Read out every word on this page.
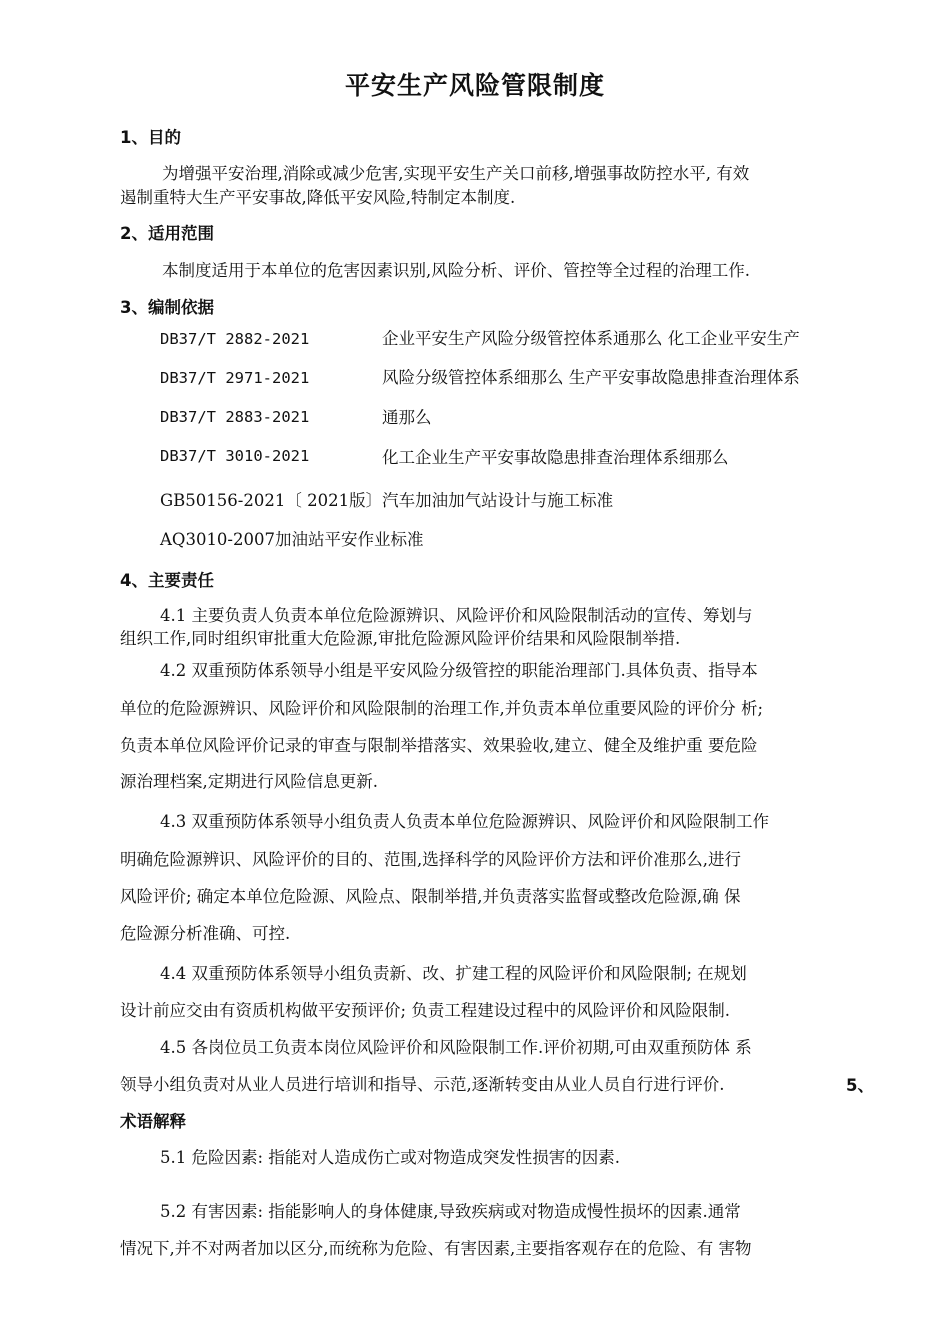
平安生产风险管限制度
1、目的
为增强平安治理,消除或减少危害,实现平安生产关口前移,增强事故防控水平, 有效
遏制重特大生产平安事故,降低平安风险,特制定本制度.
2、适用范围
本制度适用于本单位的危害因素识别,风险分析、评价、管控等全过程的治理工作.
3、编制依据
DB37/T 2882-2021	企业平安生产风险分级管控体系通那么 化工企业平安生产
DB37/T 2971-2021	风险分级管控体系细那么 生产平安事故隐患排查治理体系
DB37/T 2883-2021	通那么
DB37/T 3010-2021	化工企业生产平安事故隐患排查治理体系细那么
GB50156-2021〔 2021版〕汽车加油加气站设计与施工标准
AQ3010-2007加油站平安作业标准
4、主要责任
4.1 主要负责人负责本单位危险源辨识、风险评价和风险限制活动的宣传、筹划与
组织工作,同时组织审批重大危险源,审批危险源风险评价结果和风险限制举措.
4.2 双重预防体系领导小组是平安风险分级管控的职能治理部门.具体负责、指导本
单位的危险源辨识、风险评价和风险限制的治理工作,并负责本单位重要风险的评价分 析;
负责本单位风险评价记录的审查与限制举措落实、效果验收,建立、健全及维护重 要危险
源治理档案,定期进行风险信息更新.
4.3 双重预防体系领导小组负责人负责本单位危险源辨识、风险评价和风险限制工作
明确危险源辨识、风险评价的目的、范围,选择科学的风险评价方法和评价准那么,进行
风险评价; 确定本单位危险源、风险点、限制举措,并负责落实监督或整改危险源,确 保
危险源分析准确、可控.
4.4 双重预防体系领导小组负责新、改、扩建工程的风险评价和风险限制; 在规划
设计前应交由有资质机构做平安预评价; 负责工程建设过程中的风险评价和风险限制.
4.5 各岗位员工负责本岗位风险评价和风险限制工作.评价初期,可由双重预防体 系
领导小组负责对从业人员进行培训和指导、示范,逐渐转变由从业人员自行进行评价.	5、
术语解释
5.1 危险因素: 指能对人造成伤亡或对物造成突发性损害的因素.
5.2 有害因素: 指能影响人的身体健康,导致疾病或对物造成慢性损坏的因素.通常
情况下,并不对两者加以区分,而统称为危险、有害因素,主要指客观存在的危险、有 害物
